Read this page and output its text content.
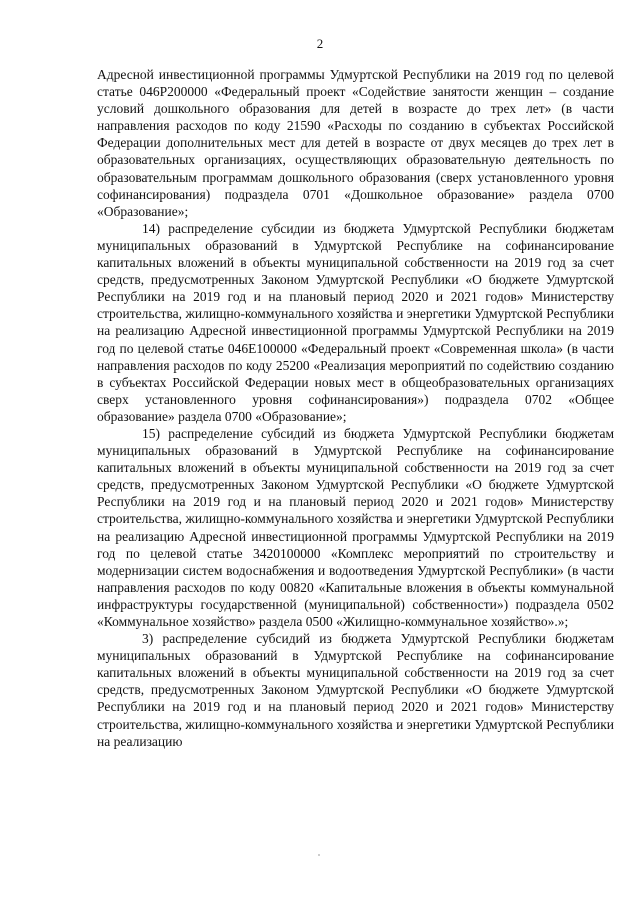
2

Адресной инвестиционной программы Удмуртской Республики на 2019 год по целевой статье 046Р200000 «Федеральный проект «Содействие занятости женщин – создание условий дошкольного образования для детей в возрасте до трех лет» (в части направления расходов по коду 21590 «Расходы по созданию в субъектах Российской Федерации дополнительных мест для детей в возрасте от двух месяцев до трех лет в образовательных организациях, осуществляющих образовательную деятельность по образовательным программам дошкольного образования (сверх установленного уровня софинансирования) подраздела 0701 «Дошкольное образование» раздела 0700 «Образование»;

14) распределение субсидии из бюджета Удмуртской Республики бюджетам муниципальных образований в Удмуртской Республике на софинансирование капитальных вложений в объекты муниципальной собственности на 2019 год за счет средств, предусмотренных Законом Удмуртской Республики «О бюджете Удмуртской Республики на 2019 год и на плановый период 2020 и 2021 годов» Министерству строительства, жилищно-коммунального хозяйства и энергетики Удмуртской Республики на реализацию Адресной инвестиционной программы Удмуртской Республики на 2019 год по целевой статье 046Е100000 «Федеральный проект «Современная школа» (в части направления расходов по коду 25200 «Реализация мероприятий по содействию созданию в субъектах Российской Федерации новых мест в общеобразовательных организациях сверх установленного уровня софинансирования») подраздела 0702 «Общее образование» раздела 0700 «Образование»;

15) распределение субсидий из бюджета Удмуртской Республики бюджетам муниципальных образований в Удмуртской Республике на софинансирование капитальных вложений в объекты муниципальной собственности на 2019 год за счет средств, предусмотренных Законом Удмуртской Республики «О бюджете Удмуртской Республики на 2019 год и на плановый период 2020 и 2021 годов» Министерству строительства, жилищно-коммунального хозяйства и энергетики Удмуртской Республики на реализацию Адресной инвестиционной программы Удмуртской Республики на 2019 год по целевой статье 3420100000 «Комплекс мероприятий по строительству и модернизации систем водоснабжения и водоотведения Удмуртской Республики» (в части направления расходов по коду 00820 «Капитальные вложения в объекты коммунальной инфраструктуры государственной (муниципальной) собственности») подраздела 0502 «Коммунальное хозяйство» раздела 0500 «Жилищно-коммунальное хозяйство».»;

3) распределение субсидий из бюджета Удмуртской Республики бюджетам муниципальных образований в Удмуртской Республике на софинансирование капитальных вложений в объекты муниципальной собственности на 2019 год за счет средств, предусмотренных Законом Удмуртской Республики «О бюджете Удмуртской Республики на 2019 год и на плановый период 2020 и 2021 годов» Министерству строительства, жилищно-коммунального хозяйства и энергетики Удмуртской Республики на реализацию
